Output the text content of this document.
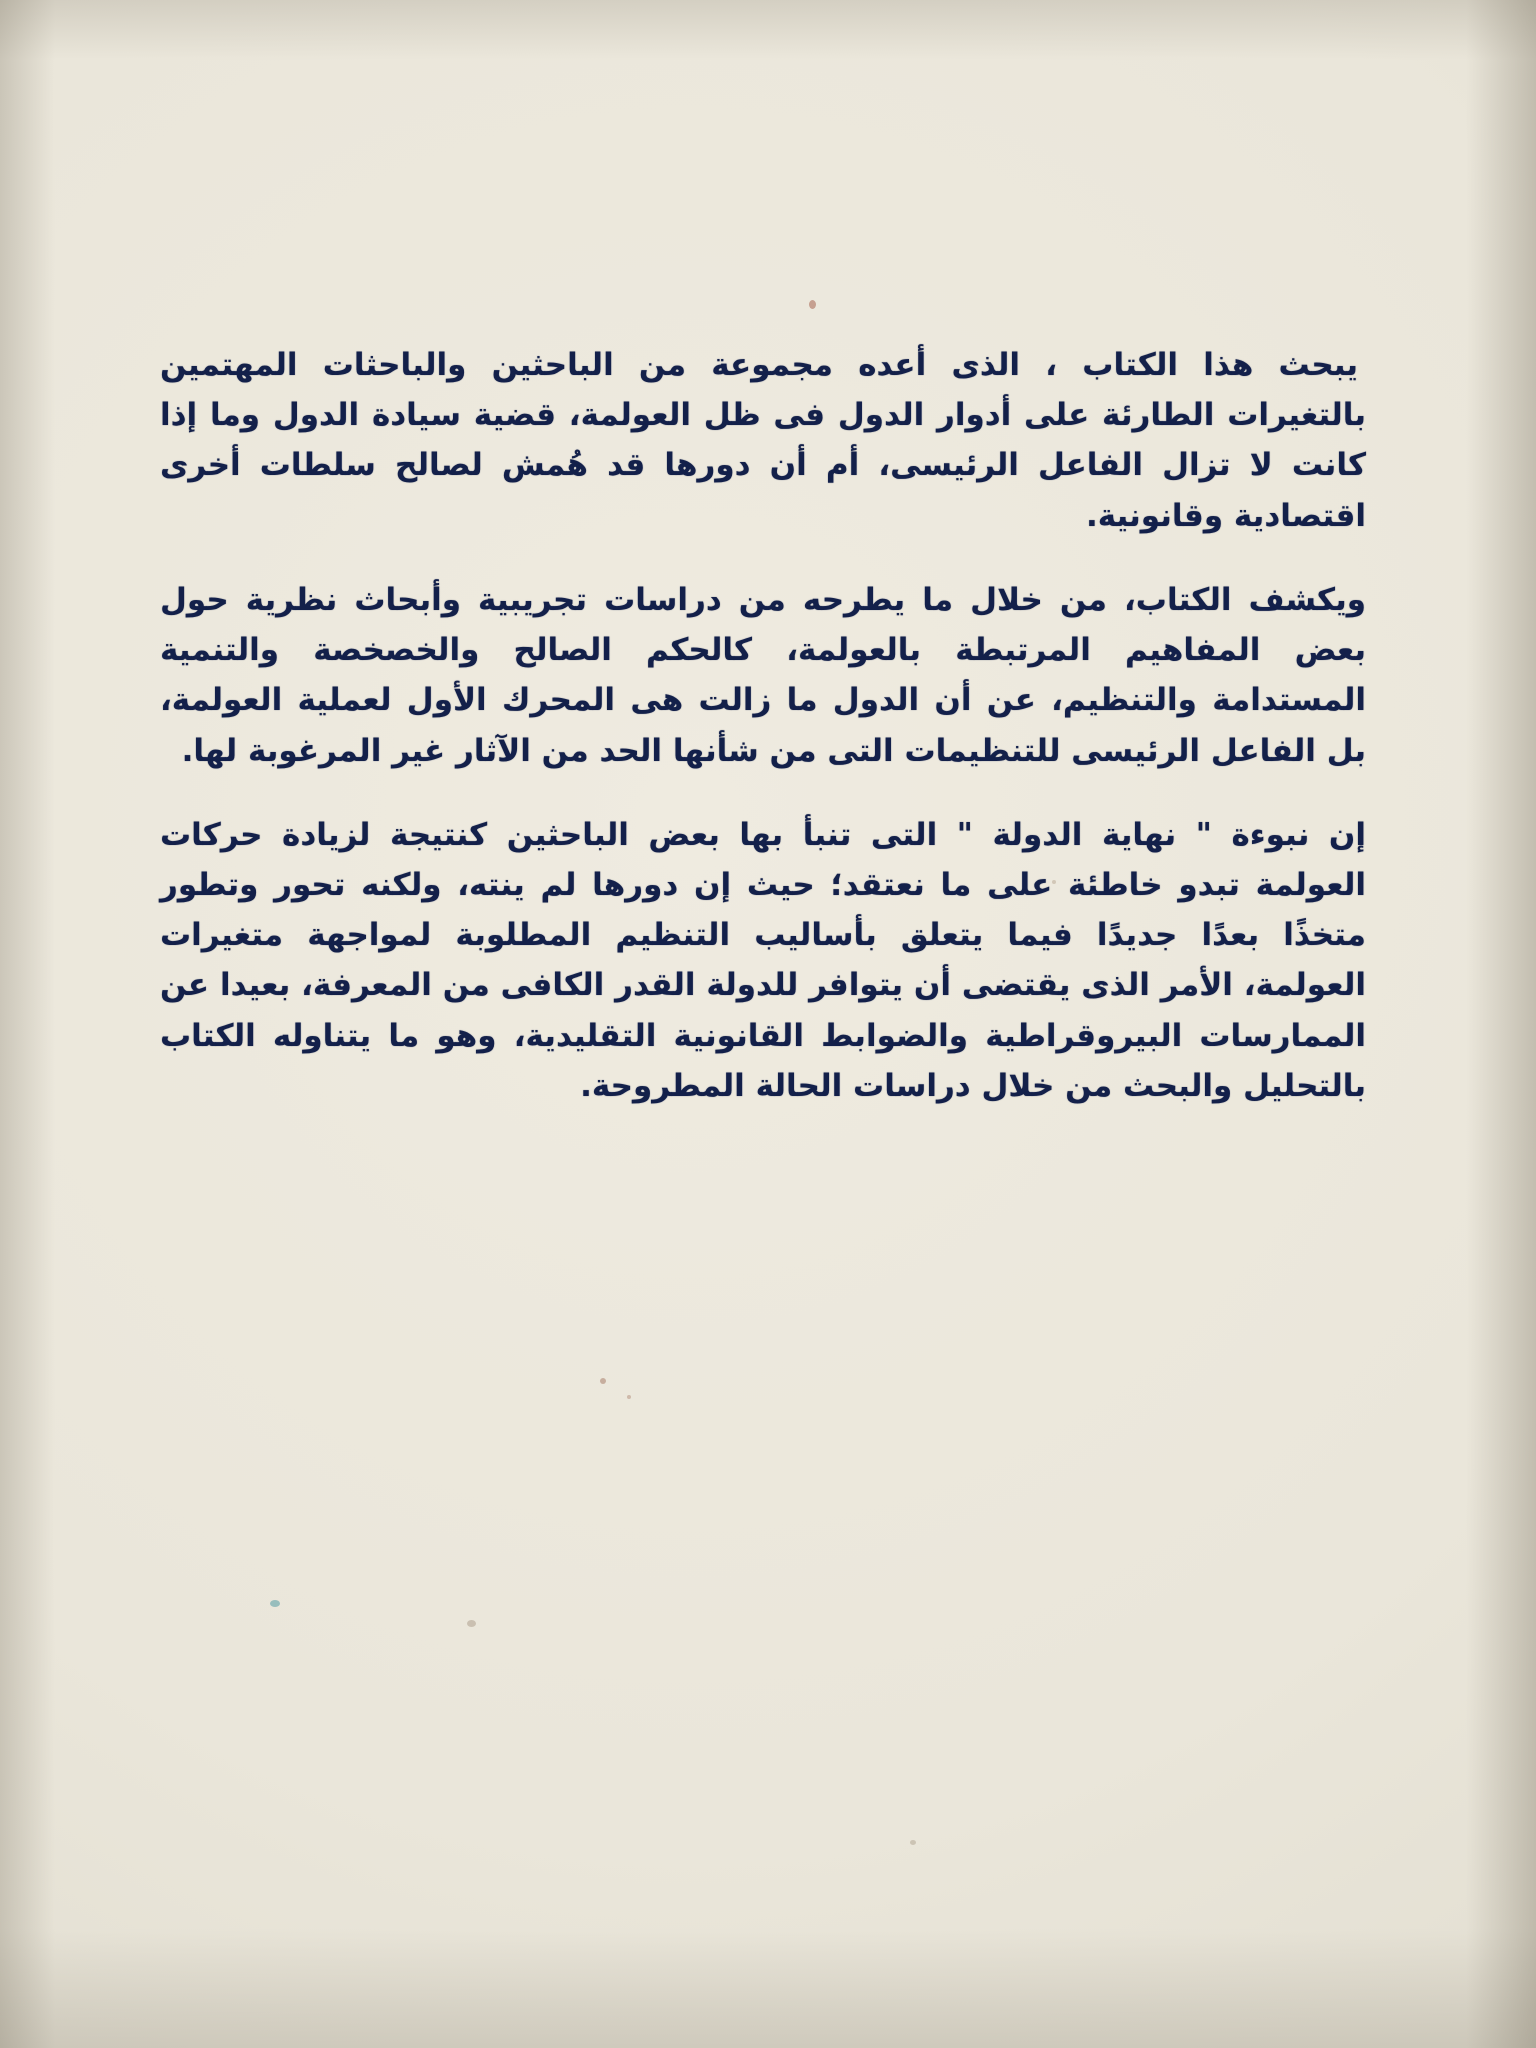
يبحث هذا الكتاب ، الذى أعده مجموعة من الباحثين والباحثات المهتمين بالتغيرات الطارئة على أدوار الدول فى ظل العولمة، قضية سيادة الدول وما إذا كانت لا تزال الفاعل الرئيسى، أم أن دورها قد هُمش لصالح سلطات أخرى اقتصادية وقانونية.

ويكشف الكتاب، من خلال ما يطرحه من دراسات تجريبية وأبحاث نظرية حول بعض المفاهيم المرتبطة بالعولمة، كالحكم الصالح والخصخصة والتنمية المستدامة والتنظيم، عن أن الدول ما زالت هى المحرك الأول لعملية العولمة، بل الفاعل الرئيسى للتنظيمات التى من شأنها الحد من الآثار غير المرغوبة لها.

إن نبوءة " نهاية الدولة " التى تنبأ بها بعض الباحثين كنتيجة لزيادة حركات العولمة تبدو خاطئة على ما نعتقد؛ حيث إن دورها لم ينته، ولكنه تحور وتطور متخذًا بعدًا جديدًا فيما يتعلق بأساليب التنظيم المطلوبة لمواجهة متغيرات العولمة، الأمر الذى يقتضى أن يتوافر للدولة القدر الكافى من المعرفة، بعيدا عن الممارسات البيروقراطية والضوابط القانونية التقليدية، وهو ما يتناوله الكتاب بالتحليل والبحث من خلال دراسات الحالة المطروحة.
